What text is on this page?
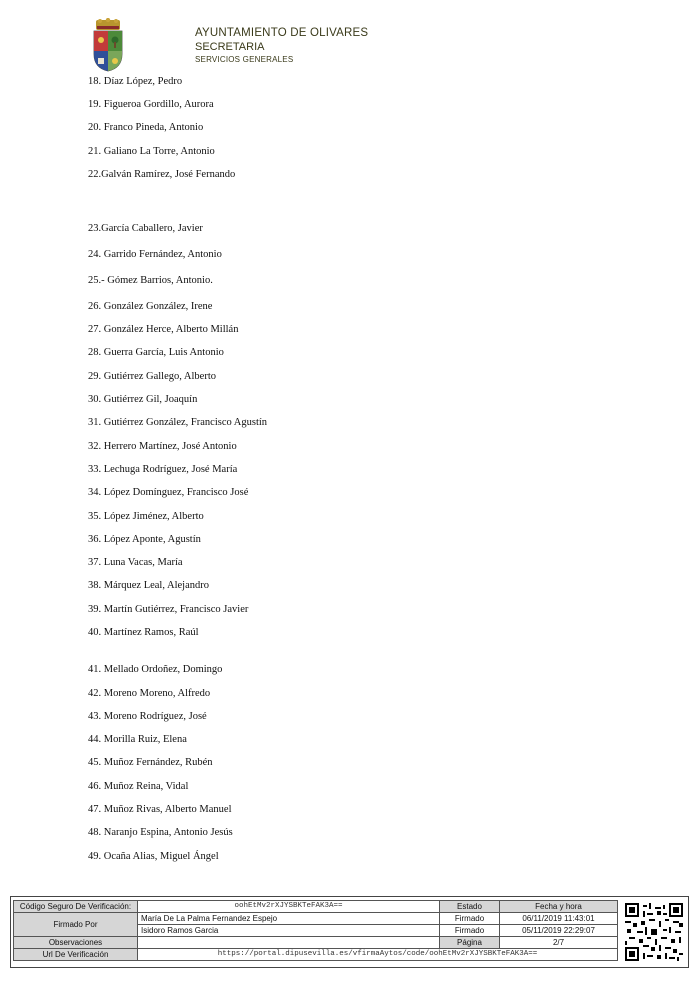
AYUNTAMIENTO DE OLIVARES
SECRETARIA
SERVICIOS GENERALES
18. Díaz López, Pedro
19. Figueroa Gordillo, Aurora
20. Franco Pineda, Antonio
21. Galiano La Torre, Antonio
22.Galván Ramírez, José Fernando
23.García Caballero, Javier
24. Garrido Fernández, Antonio
25.- Gómez Barrios, Antonio.
26. González González, Irene
27. González Herce, Alberto Millán
28. Guerra García, Luis Antonio
29. Gutiérrez Gallego, Alberto
30. Gutiérrez Gil, Joaquín
31. Gutiérrez González, Francisco Agustín
32. Herrero Martínez, José Antonio
33. Lechuga Rodríguez, José María
34. López Domínguez, Francisco José
35. López Jiménez, Alberto
36. López Aponte, Agustín
37. Luna Vacas, María
38. Márquez Leal, Alejandro
39. Martín Gutiérrez, Francisco Javier
40. Martínez Ramos, Raúl
41. Mellado Ordoñez, Domingo
42. Moreno Moreno, Alfredo
43. Moreno Rodríguez, José
44. Morilla Ruiz, Elena
45. Muñoz Fernández, Rubén
46. Muñoz Reina, Vidal
47. Muñoz Rivas, Alberto Manuel
48. Naranjo Espina, Antonio Jesús
49. Ocaña Alias, Miguel Ángel
Código Seguro De Verificación:	oohEtMv2rXJYSBKTeFAK3A==	Estado	Fecha y hora
Firmado Por	María De La Palma Fernandez Espejo	Firmado	06/11/2019 11:43:01
	Isidoro Ramos Garcia	Firmado	05/11/2019 22:29:07
Observaciones		Página	2/7
Url De Verificación	https://portal.dipusevilla.es/vfirmaAytos/code/oohEtMv2rXJYSBKTeFAK3A==		
